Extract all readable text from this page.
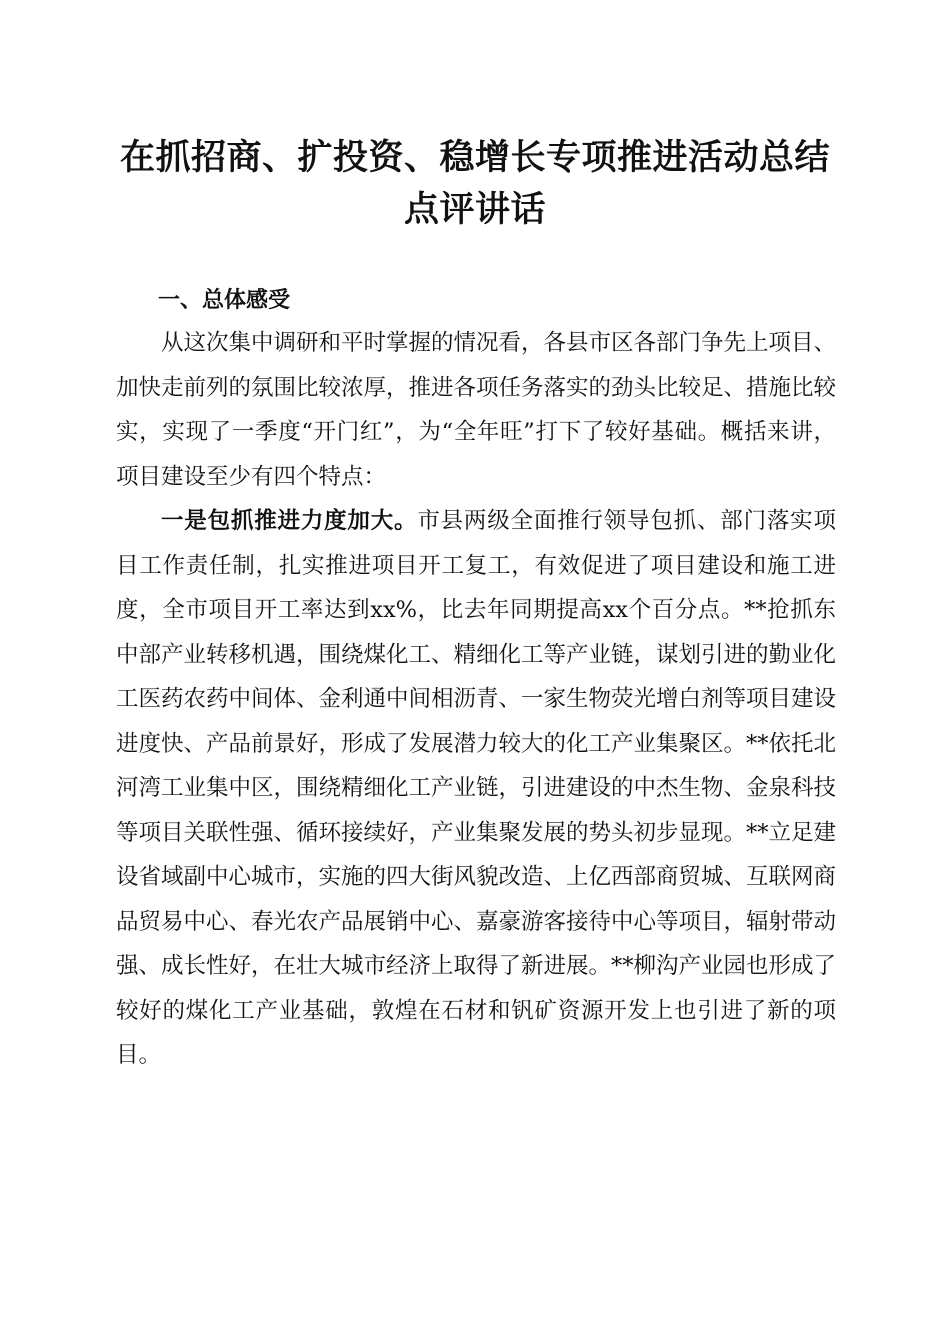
在抓招商、扩投资、稳增长专项推进活动总结
点评讲话
一、总体感受

从这次集中调研和平时掌握的情况看，各县市区各部门争先上项目、加快走前列的氛围比较浓厚，推进各项任务落实的劲头比较足、措施比较实，实现了一季度“开门红”，为“全年旺”打下了较好基础。概括来讲，项目建设至少有四个特点：

一是包抓推进力度加大。市县两级全面推行领导包抓、部门落实项目工作责任制，扎实推进项目开工复工，有效促进了项目建设和施工进度，全市项目开工率达到xx%，比去年同期提高xx个百分点。**抢抓东中部产业转移机遇，围绕煤化工、精细化工等产业链，谋划引进的勤业化工医药农药中间体、金利通中间相沥青、一家生物荧光增白剂等项目建设进度快、产品前景好，形成了发展潜力较大的化工产业集聚区。**依托北河湾工业集中区，围绕精细化工产业链，引进建设的中杰生物、金泉科技等项目关联性强、循环接续好，产业集聚发展的势头初步显现。**立足建设省域副中心城市，实施的四大街风貌改造、上亿西部商贸城、互联网商品贸易中心、春光农产品展销中心、嘉豪游客接待中心等项目，辐射带动强、成长性好，在壮大城市经济上取得了新进展。**柳沟产业园也形成了较好的煤化工产业基础，敦煌在石材和钒矿资源开发上也引进了新的项目。
